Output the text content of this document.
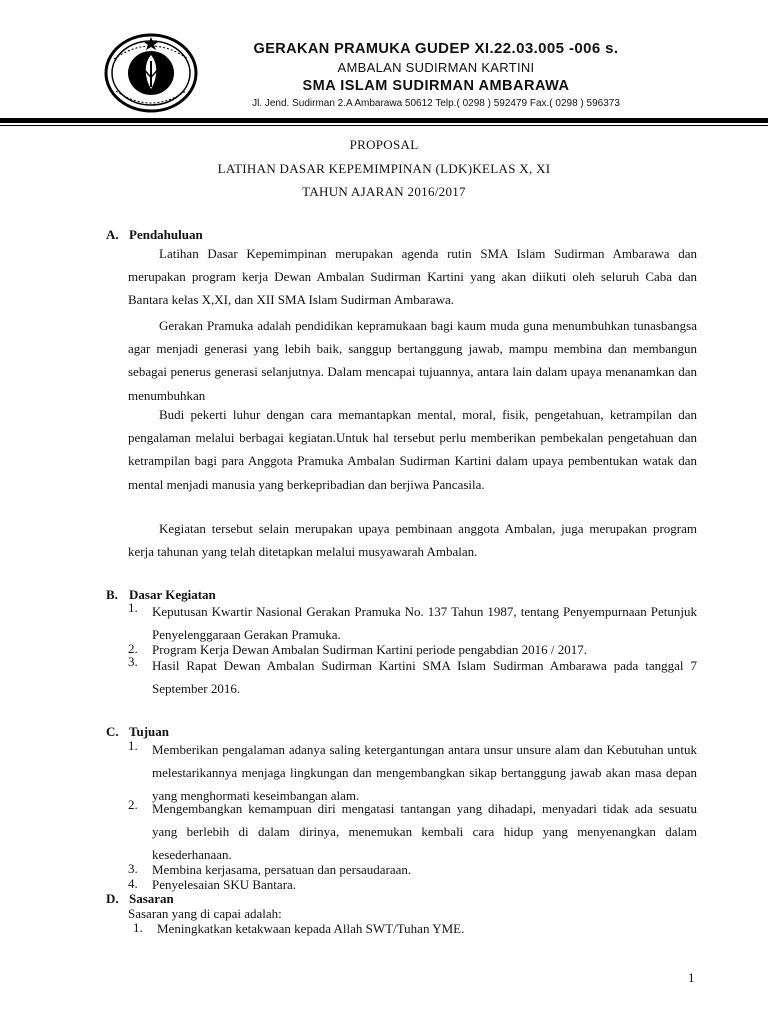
GERAKAN PRAMUKA GUDEP XI.22.03.005 -006 s.
AMBALAN SUDIRMAN KARTINI
SMA ISLAM SUDIRMAN AMBARAWA
Jl. Jend. Sudirman 2.A Ambarawa 50612 Telp.( 0298 ) 592479 Fax.( 0298 ) 596373
PROPOSAL
LATIHAN DASAR KEPEMIMPINAN (LDK)KELAS X, XI
TAHUN AJARAN 2016/2017
A. Pendahuluan
Latihan Dasar Kepemimpinan merupakan agenda rutin SMA Islam Sudirman Ambarawa dan merupakan program kerja Dewan Ambalan Sudirman Kartini yang akan diikuti oleh seluruh Caba dan Bantara kelas X,XI, dan XII SMA Islam Sudirman Ambarawa.
Gerakan Pramuka adalah pendidikan kepramukaan bagi kaum muda guna menumbuhkan tunasbangsa agar menjadi generasi yang lebih baik, sanggup bertanggung jawab, mampu membina dan membangun sebagai penerus generasi selanjutnya. Dalam mencapai tujuannya, antara lain dalam upaya menanamkan dan menumbuhkan
Budi pekerti luhur dengan cara memantapkan mental, moral, fisik, pengetahuan, ketrampilan dan pengalaman melalui berbagai kegiatan.Untuk hal tersebut perlu memberikan pembekalan pengetahuan dan ketrampilan bagi para Anggota Pramuka Ambalan Sudirman Kartini dalam upaya pembentukan watak dan mental menjadi manusia yang berkepribadian dan berjiwa Pancasila.
Kegiatan tersebut selain merupakan upaya pembinaan anggota Ambalan, juga merupakan program kerja tahunan yang telah ditetapkan melalui musyawarah Ambalan.
B. Dasar Kegiatan
1.	Keputusan Kwartir Nasional Gerakan Pramuka No. 137 Tahun 1987, tentang Penyempurnaan Petunjuk Penyelenggaraan Gerakan Pramuka.
2.	Program Kerja Dewan Ambalan Sudirman Kartini periode pengabdian 2016 / 2017.
3.	Hasil Rapat Dewan Ambalan Sudirman Kartini SMA Islam Sudirman Ambarawa pada tanggal 7 September 2016.
C. Tujuan
1.	Memberikan pengalaman adanya saling ketergantungan antara unsur unsure alam dan Kebutuhan untuk melestarikannya menjaga lingkungan dan mengembangkan sikap bertanggung jawab akan masa depan yang menghormati keseimbangan alam.
2.	Mengembangkan kemampuan diri mengatasi tantangan yang dihadapi, menyadari tidak ada sesuatu yang berlebih di dalam dirinya, menemukan kembali cara hidup yang menyenangkan dalam kesederhanaan.
3.	Membina kerjasama, persatuan dan persaudaraan.
4.	Penyelesaian SKU Bantara.
D. Sasaran
Sasaran yang di capai adalah:
1.	Meningkatkan ketakwaan kepada Allah SWT/Tuhan YME.
1
